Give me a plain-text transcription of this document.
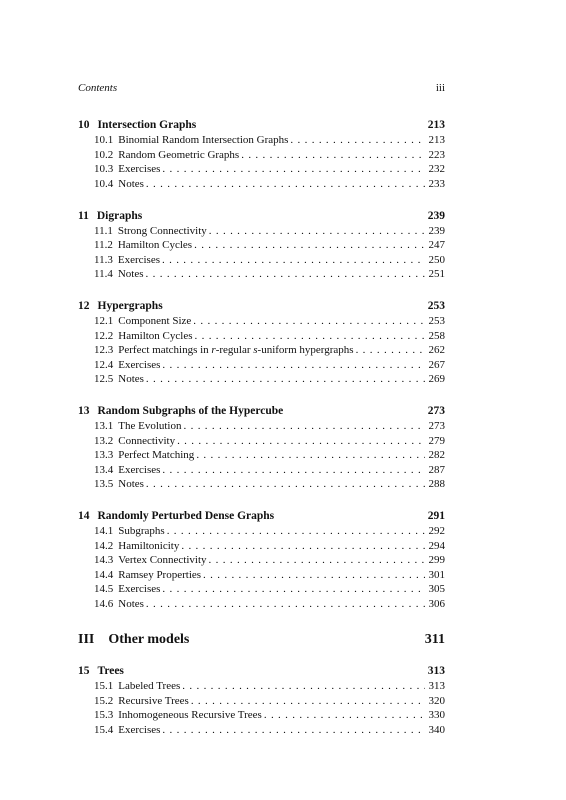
Contents	iii
10 Intersection Graphs	213
10.1 Binomial Random Intersection Graphs . . .	213
10.2 Random Geometric Graphs . . .	223
10.3 Exercises . . .	232
10.4 Notes . . .	233
11 Digraphs	239
11.1 Strong Connectivity . . .	239
11.2 Hamilton Cycles . . .	247
11.3 Exercises . . .	250
11.4 Notes . . .	251
12 Hypergraphs	253
12.1 Component Size . . .	253
12.2 Hamilton Cycles . . .	258
12.3 Perfect matchings in r-regular s-uniform hypergraphs . . .	262
12.4 Exercises . . .	267
12.5 Notes . . .	269
13 Random Subgraphs of the Hypercube	273
13.1 The Evolution . . .	273
13.2 Connectivity . . .	279
13.3 Perfect Matching . . .	282
13.4 Exercises . . .	287
13.5 Notes . . .	288
14 Randomly Perturbed Dense Graphs	291
14.1 Subgraphs . . .	292
14.2 Hamiltonicity . . .	294
14.3 Vertex Connectivity . . .	299
14.4 Ramsey Properties . . .	301
14.5 Exercises . . .	305
14.6 Notes . . .	306
III Other models	311
15 Trees	313
15.1 Labeled Trees . . .	313
15.2 Recursive Trees . . .	320
15.3 Inhomogeneous Recursive Trees . . .	330
15.4 Exercises . . .	340
